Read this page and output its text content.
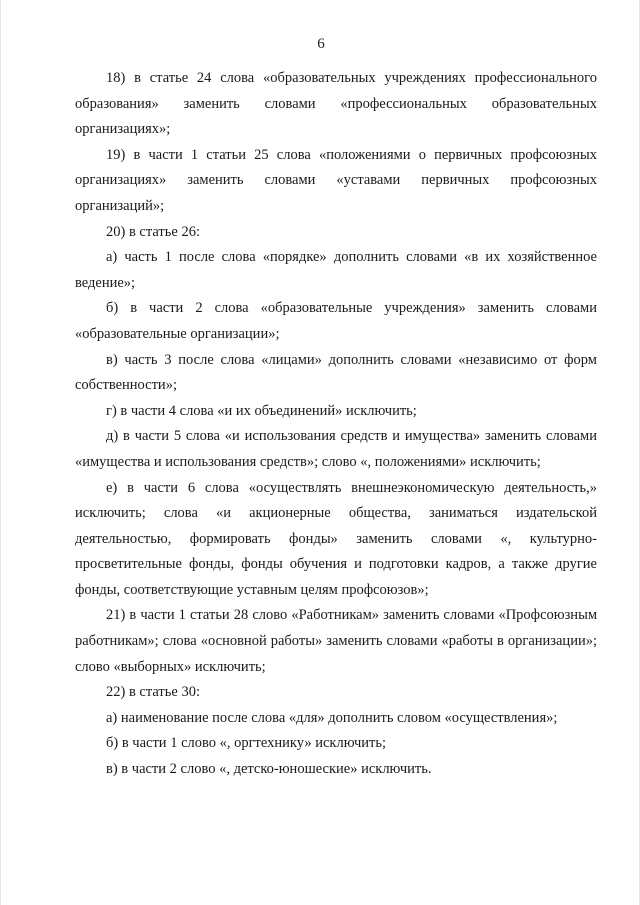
6

18) в статье 24 слова «образовательных учреждениях профессионального образования» заменить словами «профессиональных образовательных организациях»;

19) в части 1 статьи 25 слова «положениями о первичных профсоюзных организациях» заменить словами «уставами первичных профсоюзных организаций»;

20) в статье 26:

а) часть 1 после слова «порядке» дополнить словами «в их хозяйственное ведение»;

б) в части 2 слова «образовательные учреждения» заменить словами «образовательные организации»;

в) часть 3 после слова «лицами» дополнить словами «независимо от форм собственности»;

г) в части 4 слова «и их объединений» исключить;

д) в части 5 слова «и использования средств и имущества» заменить словами «имущества и использования средств»; слово «, положениями» исключить;

е) в части 6 слова «осуществлять внешнеэкономическую деятельность,» исключить; слова «и акционерные общества, заниматься издательской деятельностью, формировать фонды» заменить словами «, культурно-просветительные фонды, фонды обучения и подготовки кадров, а также другие фонды, соответствующие уставным целям профсоюзов»;

21) в части 1 статьи 28 слово «Работникам» заменить словами «Профсоюзным работникам»; слова «основной работы» заменить словами «работы в организации»; слово «выборных» исключить;

22) в статье 30:

а) наименование после слова «для» дополнить словом «осуществления»;

б) в части 1 слово «, оргтехнику» исключить;

в) в части 2 слово «, детско-юношеские» исключить.
